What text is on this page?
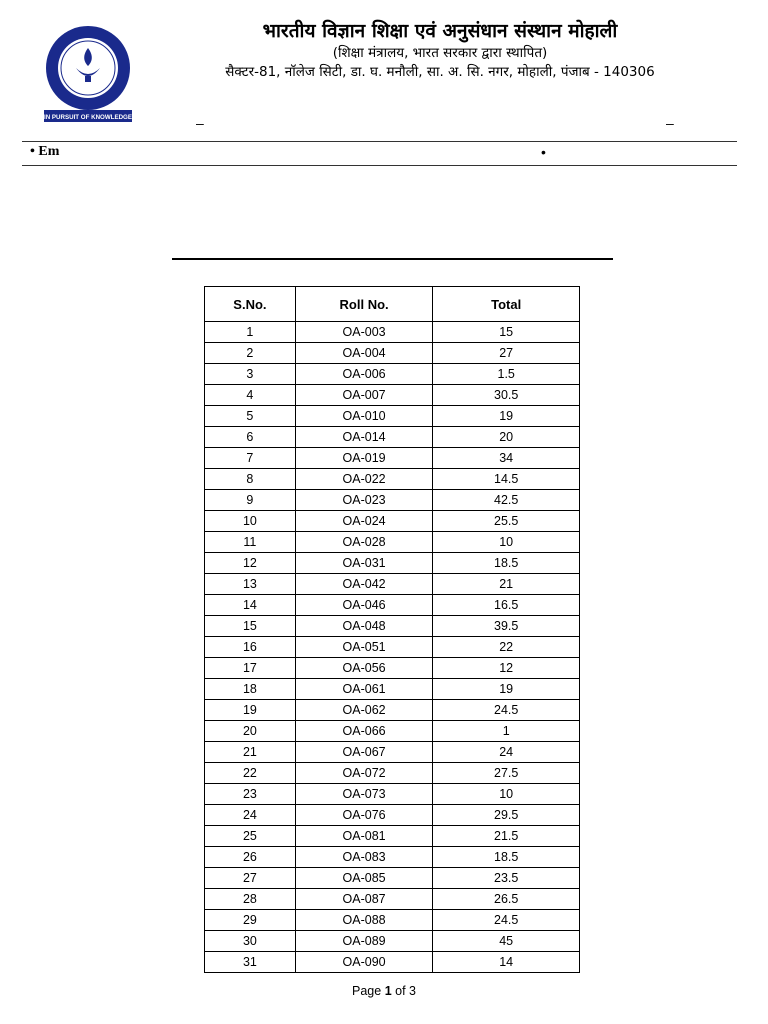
IN PURSUIT OF KNOWLEDGE
भारतीय विज्ञान शिक्षा एवं अनुसंधान संस्थान मोहाली
(शिक्षा मंत्रालय, भारत सरकार द्वारा स्थापित)
सैक्टर-81, नॉलेज सिटी, डा. घ. मनौली, सा. अ. सि. नगर, मोहाली, पंजाब - 140306
–	–
• Em	•
S.No.	Roll No.	Total
1	OA-003	15
2	OA-004	27
3	OA-006	1.5
4	OA-007	30.5
5	OA-010	19
6	OA-014	20
7	OA-019	34
8	OA-022	14.5
9	OA-023	42.5
10	OA-024	25.5
11	OA-028	10
12	OA-031	18.5
13	OA-042	21
14	OA-046	16.5
15	OA-048	39.5
16	OA-051	22
17	OA-056	12
18	OA-061	19
19	OA-062	24.5
20	OA-066	1
21	OA-067	24
22	OA-072	27.5
23	OA-073	10
24	OA-076	29.5
25	OA-081	21.5
26	OA-083	18.5
27	OA-085	23.5
28	OA-087	26.5
29	OA-088	24.5
30	OA-089	45
31	OA-090	14
Page 1 of 3
